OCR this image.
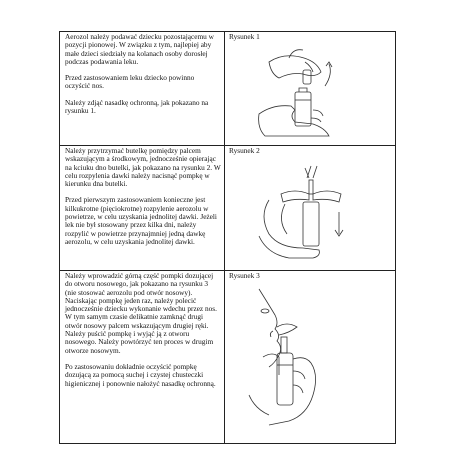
Aerozol należy podawać dziecku pozostającemu w pozycji pionowej. W związku z tym, najlepiej aby małe dzieci siedziały na kolanach osoby dorosłej podczas podawania leku.

Przed zastosowaniem leku dziecko powinno oczyścić nos.

Należy zdjąć nasadkę ochronną, jak pokazano na rysunku 1.

Rysunek 1

Należy przytrzymać butelkę pomiędzy palcem wskazującym a środkowym, jednocześnie opierając na kciuku dno butelki, jak pokazano na rysunku 2. W celu rozpylenia dawki należy nacisnąć pompkę w kierunku dna butelki.

Przed pierwszym zastosowaniem konieczne jest kilkukrotne (pięciokrotne) rozpylenie aerozolu w powietrze, w celu uzyskania jednolitej dawki. Jeżeli lek nie był stosowany przez kilka dni, należy rozpylić w powietrze przynajmniej jedną dawkę aerozolu, w celu uzyskania jednolitej dawki.

Rysunek 2

Należy wprowadzić górną część pompki dozującej do otworu nosowego, jak pokazano na rysunku 3 (nie stosować aerozolu pod otwór nosowy). Naciskając pompkę jeden raz, należy polecić jednocześnie dziecku wykonanie wdechu przez nos. W tym samym czasie delikatnie zamknąć drugi otwór nosowy palcem wskazującym drugiej ręki. Należy puścić pompkę i wyjąć ją z otworu nosowego. Należy powtórzyć ten proces w drugim otworze nosowym.

Po zastosowaniu dokładnie oczyścić pompkę dozującą za pomocą suchej i czystej chusteczki higienicznej i ponownie nałożyć nasadkę ochronną.

Rysunek 3
